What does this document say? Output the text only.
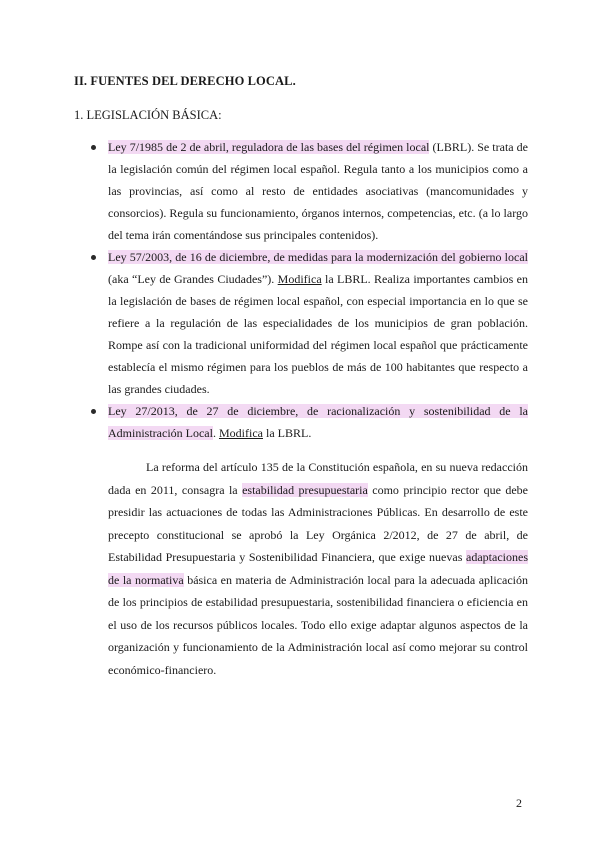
II. FUENTES DEL DERECHO LOCAL.
1. LEGISLACIÓN BÁSICA:
Ley 7/1985 de 2 de abril, reguladora de las bases del régimen local (LBRL). Se trata de la legislación común del régimen local español. Regula tanto a los municipios como a las provincias, así como al resto de entidades asociativas (mancomunidades y consorcios). Regula su funcionamiento, órganos internos, competencias, etc. (a lo largo del tema irán comentándose sus principales contenidos).
Ley 57/2003, de 16 de diciembre, de medidas para la modernización del gobierno local (aka “Ley de Grandes Ciudades”). Modifica la LBRL. Realiza importantes cambios en la legislación de bases de régimen local español, con especial importancia en lo que se refiere a la regulación de las especialidades de los municipios de gran población. Rompe así con la tradicional uniformidad del régimen local español que prácticamente establecía el mismo régimen para los pueblos de más de 100 habitantes que respecto a las grandes ciudades.
Ley 27/2013, de 27 de diciembre, de racionalización y sostenibilidad de la Administración Local. Modifica la LBRL.
La reforma del artículo 135 de la Constitución española, en su nueva redacción dada en 2011, consagra la estabilidad presupuestaria como principio rector que debe presidir las actuaciones de todas las Administraciones Públicas. En desarrollo de este precepto constitucional se aprobó la Ley Orgánica 2/2012, de 27 de abril, de Estabilidad Presupuestaria y Sostenibilidad Financiera, que exige nuevas adaptaciones de la normativa básica en materia de Administración local para la adecuada aplicación de los principios de estabilidad presupuestaria, sostenibilidad financiera o eficiencia en el uso de los recursos públicos locales. Todo ello exige adaptar algunos aspectos de la organización y funcionamiento de la Administración local así como mejorar su control económico-financiero.
2
